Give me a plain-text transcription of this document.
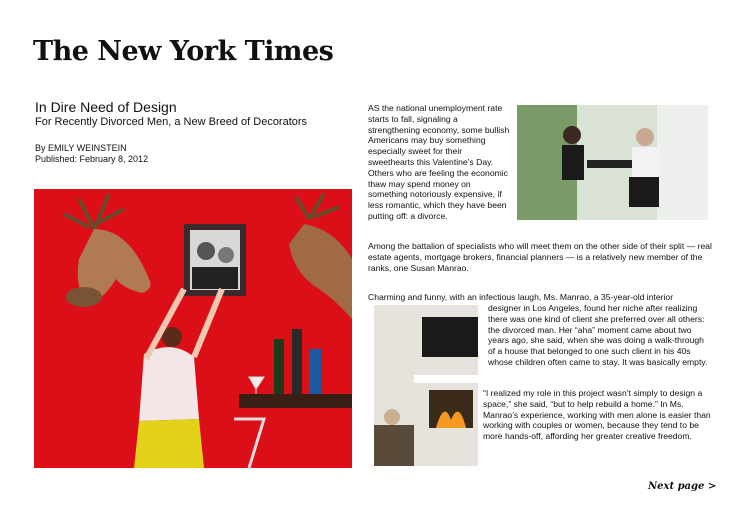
The New York Times
In Dire Need of Design
For Recently Divorced Men, a New Breed of Decorators
By EMILY WEINSTEIN
Published: February 8, 2012
AS the national unemployment rate starts to fall, signaling a strengthening economy, some bullish Americans may buy something especially sweet for their sweethearts this Valentine’s Day. Others who are feeling the economic thaw may spend money on something notoriously expensive, if less romantic, which they have been putting off: a divorce.
Among the battalion of specialists who will meet them on the other side of their split — real estate agents, mortgage brokers, financial planners — is a relatively new member of the ranks, one Susan Manrao.
Charming and funny, with an infectious laugh, Ms. Manrao, a 35-year-old interior
designer in Los Angeles, found her niche after realizing there was one kind of client she preferred over all others: the divorced man. Her “aha” moment came about two years ago, she said, when she was doing a walk-through of a house that belonged to one such client in his 40s whose children often came to stay. It was basically empty.
“I realized my role in this project wasn’t simply to design a space,” she said, “but to help rebuild a home.” In Ms. Manrao’s experience, working with men alone is easier than working with couples or women, because they tend to be more hands-off, affording her greater creative freedom.
Next page >
